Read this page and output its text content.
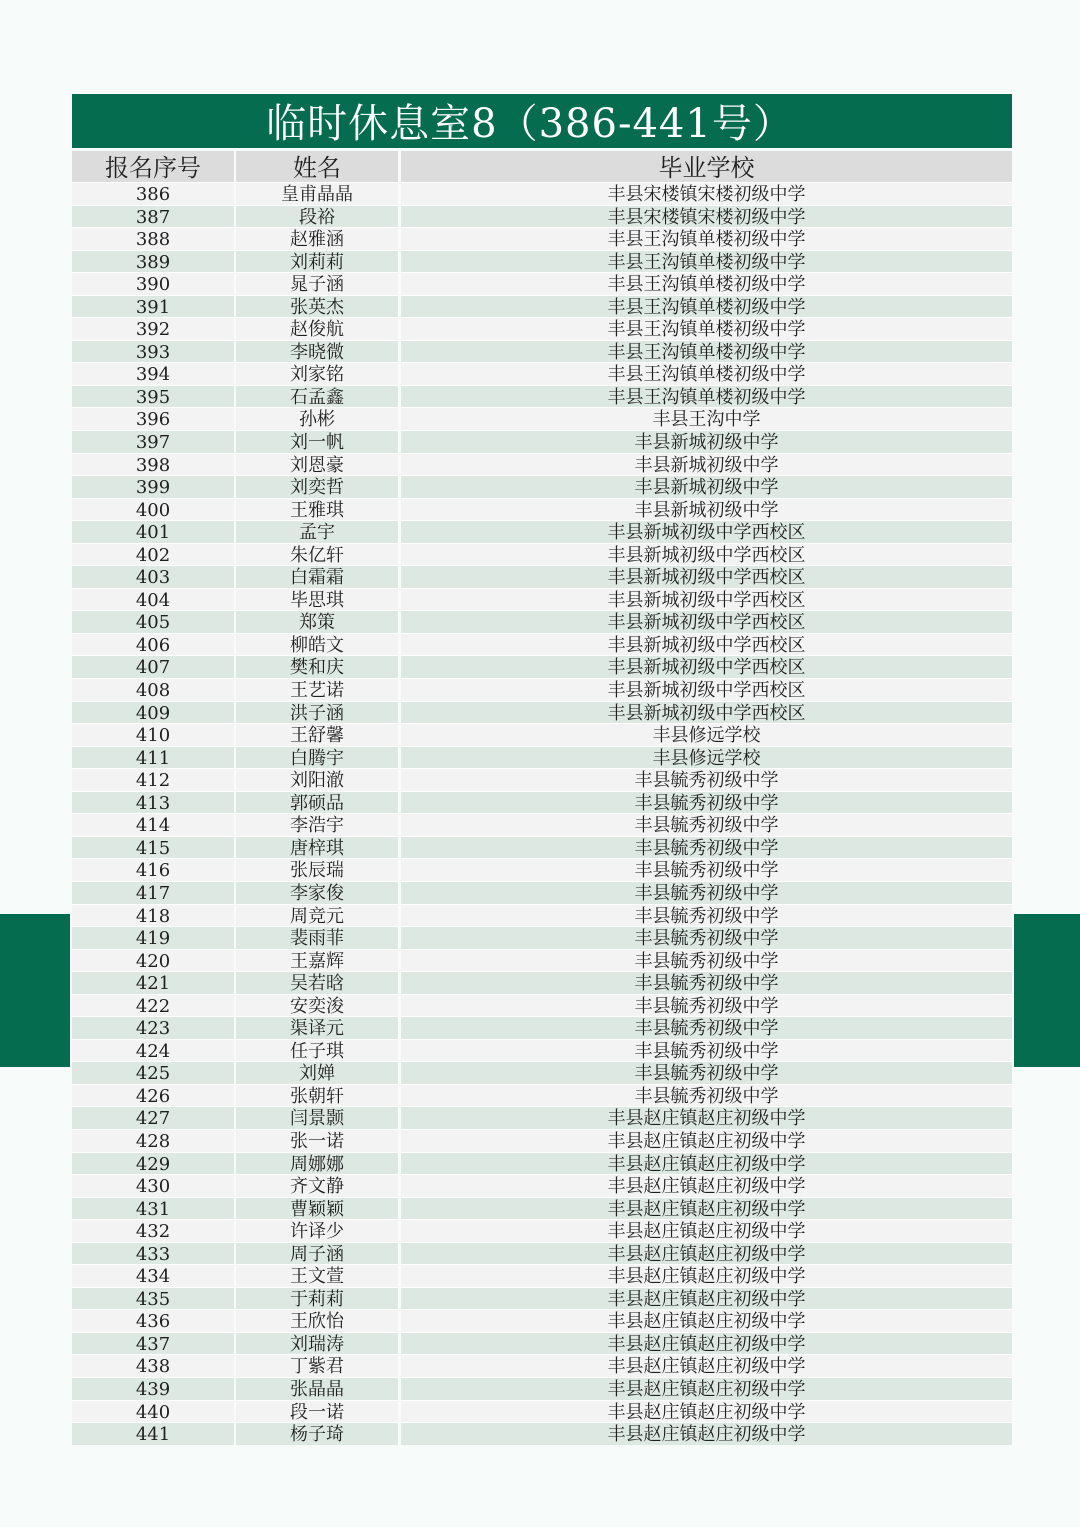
临时休息室8（386-441号）
报名序号	姓名	毕业学校
386	皇甫晶晶	丰县宋楼镇宋楼初级中学
387	段裕	丰县宋楼镇宋楼初级中学
388	赵雅涵	丰县王沟镇单楼初级中学
389	刘莉莉	丰县王沟镇单楼初级中学
390	晁子涵	丰县王沟镇单楼初级中学
391	张英杰	丰县王沟镇单楼初级中学
392	赵俊航	丰县王沟镇单楼初级中学
393	李晓微	丰县王沟镇单楼初级中学
394	刘家铭	丰县王沟镇单楼初级中学
395	石孟鑫	丰县王沟镇单楼初级中学
396	孙彬	丰县王沟中学
397	刘一帆	丰县新城初级中学
398	刘恩豪	丰县新城初级中学
399	刘奕哲	丰县新城初级中学
400	王雅琪	丰县新城初级中学
401	孟宇	丰县新城初级中学西校区
402	朱亿轩	丰县新城初级中学西校区
403	白霜霜	丰县新城初级中学西校区
404	毕思琪	丰县新城初级中学西校区
405	郑策	丰县新城初级中学西校区
406	柳皓文	丰县新城初级中学西校区
407	樊和庆	丰县新城初级中学西校区
408	王艺诺	丰县新城初级中学西校区
409	洪子涵	丰县新城初级中学西校区
410	王舒馨	丰县修远学校
411	白腾宇	丰县修远学校
412	刘阳澈	丰县毓秀初级中学
413	郭硕品	丰县毓秀初级中学
414	李浩宇	丰县毓秀初级中学
415	唐梓琪	丰县毓秀初级中学
416	张辰瑞	丰县毓秀初级中学
417	李家俊	丰县毓秀初级中学
418	周竞元	丰县毓秀初级中学
419	裴雨菲	丰县毓秀初级中学
420	王嘉辉	丰县毓秀初级中学
421	吴若晗	丰县毓秀初级中学
422	安奕浚	丰县毓秀初级中学
423	渠译元	丰县毓秀初级中学
424	任子琪	丰县毓秀初级中学
425	刘婵	丰县毓秀初级中学
426	张朝轩	丰县毓秀初级中学
427	闫景颢	丰县赵庄镇赵庄初级中学
428	张一诺	丰县赵庄镇赵庄初级中学
429	周娜娜	丰县赵庄镇赵庄初级中学
430	齐文静	丰县赵庄镇赵庄初级中学
431	曹颖颖	丰县赵庄镇赵庄初级中学
432	许译少	丰县赵庄镇赵庄初级中学
433	周子涵	丰县赵庄镇赵庄初级中学
434	王文萱	丰县赵庄镇赵庄初级中学
435	于莉莉	丰县赵庄镇赵庄初级中学
436	王欣怡	丰县赵庄镇赵庄初级中学
437	刘瑞涛	丰县赵庄镇赵庄初级中学
438	丁紫君	丰县赵庄镇赵庄初级中学
439	张晶晶	丰县赵庄镇赵庄初级中学
440	段一诺	丰县赵庄镇赵庄初级中学
441	杨子琦	丰县赵庄镇赵庄初级中学
